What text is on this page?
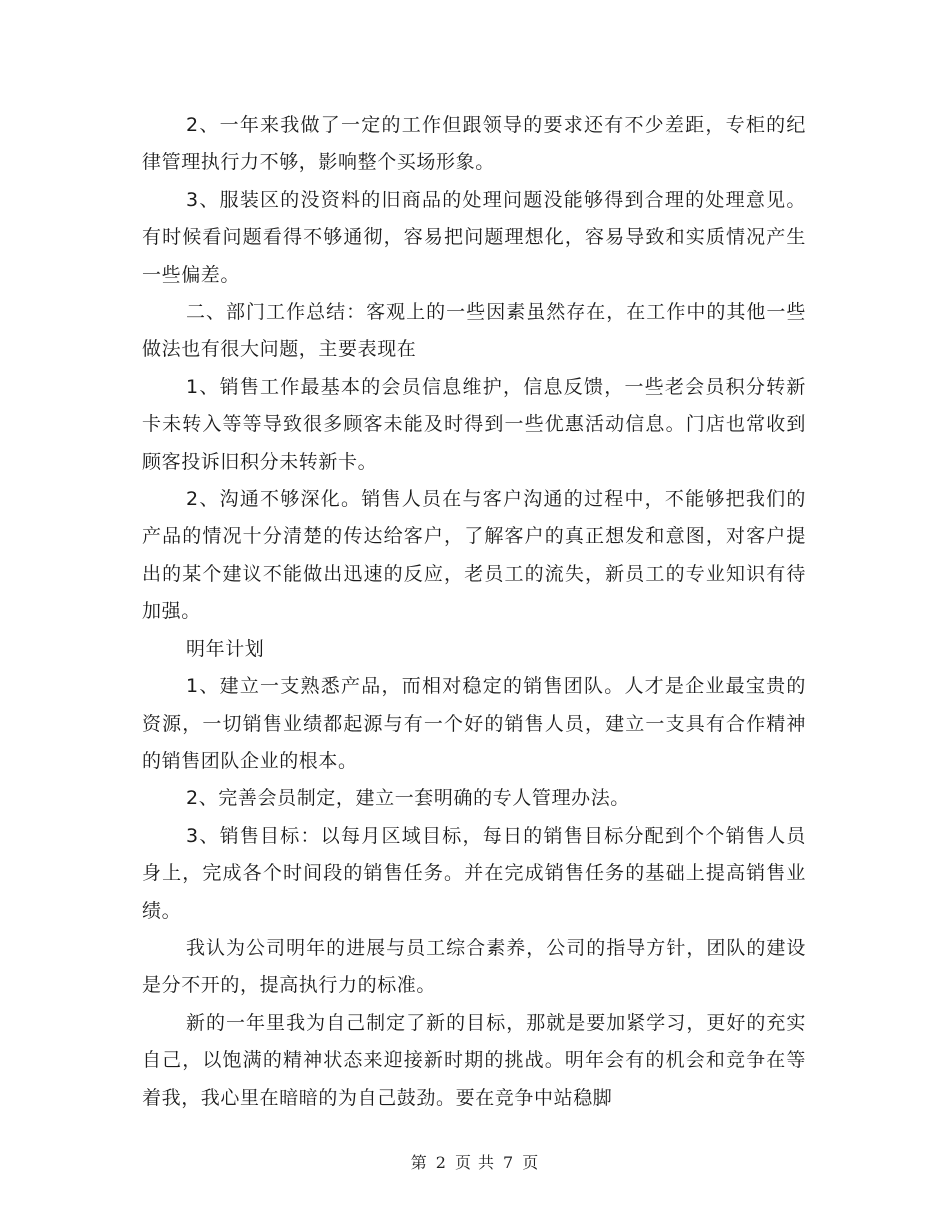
2、一年来我做了一定的工作但跟领导的要求还有不少差距，专柜的纪律管理执行力不够，影响整个买场形象。

3、服装区的没资料的旧商品的处理问题没能够得到合理的处理意见。有时候看问题看得不够通彻，容易把问题理想化，容易导致和实质情况产生一些偏差。

二、部门工作总结：客观上的一些因素虽然存在，在工作中的其他一些做法也有很大问题，主要表现在

1、销售工作最基本的会员信息维护，信息反馈，一些老会员积分转新卡未转入等等导致很多顾客未能及时得到一些优惠活动信息。门店也常收到顾客投诉旧积分未转新卡。

2、沟通不够深化。销售人员在与客户沟通的过程中，不能够把我们的产品的情况十分清楚的传达给客户，了解客户的真正想发和意图，对客户提出的某个建议不能做出迅速的反应，老员工的流失，新员工的专业知识有待加强。

明年计划

1、建立一支熟悉产品，而相对稳定的销售团队。人才是企业最宝贵的资源，一切销售业绩都起源与有一个好的销售人员，建立一支具有合作精神的销售团队企业的根本。

2、完善会员制定，建立一套明确的专人管理办法。

3、销售目标：以每月区域目标，每日的销售目标分配到个个销售人员身上，完成各个时间段的销售任务。并在完成销售任务的基础上提高销售业绩。

我认为公司明年的进展与员工综合素养，公司的指导方针，团队的建设是分不开的，提高执行力的标准。

新的一年里我为自己制定了新的目标，那就是要加紧学习，更好的充实自己，以饱满的精神状态来迎接新时期的挑战。明年会有的机会和竞争在等着我，我心里在暗暗的为自己鼓劲。要在竞争中站稳脚

第 2 页 共 7 页
